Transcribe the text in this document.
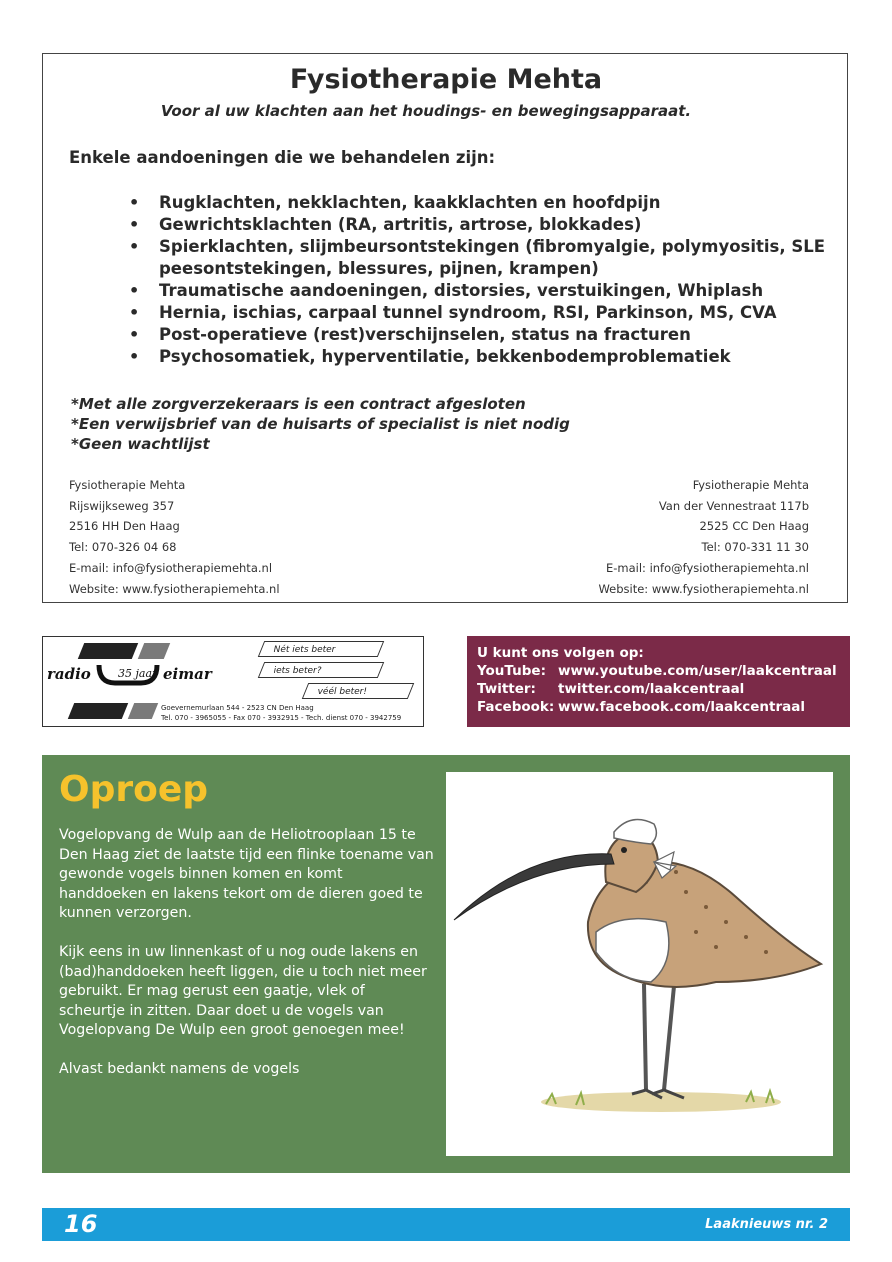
Fysiotherapie Mehta
Voor al uw klachten aan het houdings- en bewegingsapparaat.
Enkele aandoeningen die we behandelen zijn:
• Rugklachten, nekklachten, kaakklachten en hoofdpijn
• Gewrichtsklachten (RA, artritis, artrose, blokkades)
• Spierklachten, slijmbeursontstekingen (fibromyalgie, polymyositis, SLE peesontstekingen, blessures, pijnen, krampen)
• Traumatische aandoeningen, distorsies, verstuikingen, Whiplash
• Hernia, ischias, carpaal tunnel syndroom, RSI, Parkinson, MS, CVA
• Post-operatieve (rest)verschijnselen, status na fracturen
• Psychosomatiek, hyperventilatie, bekkenbodemproblematiek
*Met alle zorgverzekeraars is een contract afgesloten
*Een verwijsbrief van de huisarts of specialist is niet nodig
*Geen wachtlijst
Fysiotherapie Mehta
Rijswijkseweg 357
2516 HH Den Haag
Tel: 070-326 04 68
E-mail: info@fysiotherapiemehta.nl
Website: www.fysiotherapiemehta.nl
Fysiotherapie Mehta
Van der Vennestraat 117b
2525 CC Den Haag
Tel: 070-331 11 30
E-mail: info@fysiotherapiemehta.nl
Website: www.fysiotherapiemehta.nl
radio 35 jaar eimar
Nét iets beter
iets beter?
véél beter!
Goevernemurlaan 544 - 2523 CN Den Haag
Tel. 070 - 3965055 - Fax 070 - 3932915 - Tech. dienst 070 - 3942759
U kunt ons volgen op:
YouTube: www.youtube.com/user/laakcentraal
Twitter:	twitter.com/laakcentraal
Facebook: www.facebook.com/laakcentraal
Oproep

Vogelopvang de Wulp aan de Heliotrooplaan 15 te Den Haag ziet de laatste tijd een flinke toename van gewonde vogels binnen komen en komt handdoeken en lakens tekort om de dieren goed te kunnen verzorgen.

Kijk eens in uw linnenkast of u nog oude lakens en (bad)handdoeken heeft liggen, die u toch niet meer gebruikt. Er mag gerust een gaatje, vlek of scheurtje in zitten. Daar doet u de vogels van Vogelopvang De Wulp een groot genoegen mee!

Alvast bedankt namens de vogels

16	Laaknieuws nr. 2
